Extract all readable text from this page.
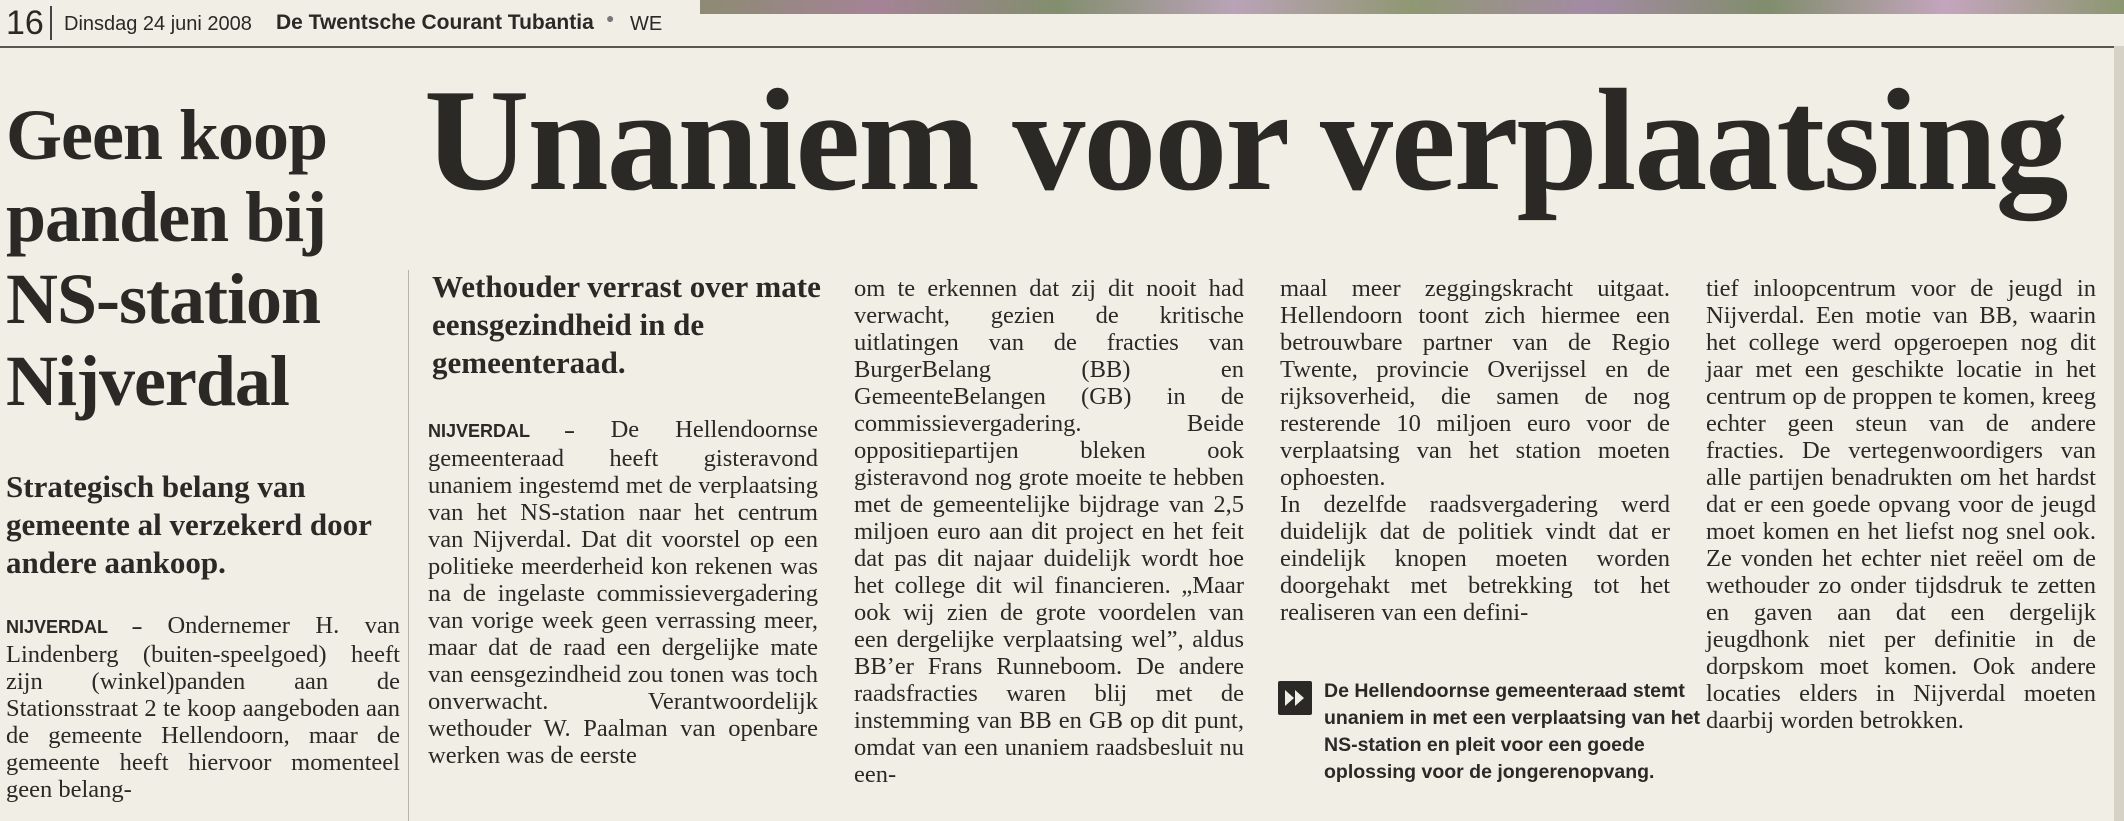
16 Dinsdag 24 juni 2008 De Twentsche Courant Tubantia ● WE
Geen koop panden bij NS-station Nijverdal
Strategisch belang van gemeente al verzekerd door andere aankoop.
NIJVERDAL – Ondernemer H. van Lindenberg (buiten-speelgoed) heeft zijn (winkel)panden aan de Stationsstraat 2 te koop aangeboden aan de gemeente Hellendoorn, maar de gemeente heeft hiervoor momenteel geen belang-
Unaniem voor verplaatsing
Wethouder verrast over mate eensgezindheid in de gemeenteraad.
NIJVERDAL – De Hellendoornse gemeenteraad heeft gisteravond unaniem ingestemd met de verplaatsing van het NS-station naar het centrum van Nijverdal. Dat dit voorstel op een politieke meerderheid kon rekenen was na de ingelaste commissievergadering van vorige week geen verrassing meer, maar dat de raad een dergelijke mate van eensgezindheid zou tonen was toch onverwacht. Verantwoordelijk wethouder W. Paalman van openbare werken was de eerste
om te erkennen dat zij dit nooit had verwacht, gezien de kritische uitlatingen van de fracties van BurgerBelang (BB) en GemeenteBelangen (GB) in de commissievergadering. Beide oppositiepartijen bleken ook gisteravond nog grote moeite te hebben met de gemeentelijke bijdrage van 2,5 miljoen euro aan dit project en het feit dat pas dit najaar duidelijk wordt hoe het college dit wil financieren. „Maar ook wij zien de grote voordelen van een dergelijke verplaatsing wel”, aldus BB’er Frans Runneboom. De andere raadsfracties waren blij met de instemming van BB en GB op dit punt, omdat van een unaniem raadsbesluit nu een-
maal meer zeggingskracht uitgaat. Hellendoorn toont zich hiermee een betrouwbare partner van de Regio Twente, provincie Overijssel en de rijksoverheid, die samen de nog resterende 10 miljoen euro voor de verplaatsing van het station moeten ophoesten.
In dezelfde raadsvergadering werd duidelijk dat de politiek vindt dat er eindelijk knopen moeten worden doorgehakt met betrekking tot het realiseren van een defini-
tief inloopcentrum voor de jeugd in Nijverdal. Een motie van BB, waarin het college werd opgeroepen nog dit jaar met een geschikte locatie in het centrum op de proppen te komen, kreeg echter geen steun van de andere fracties. De vertegenwoordigers van alle partijen benadrukten om het hardst dat er een goede opvang voor de jeugd moet komen en het liefst nog snel ook. Ze vonden het echter niet reëel om de wethouder zo onder tijdsdruk te zetten en gaven aan dat een dergelijk jeugdhonk niet per definitie in de dorpskom moet komen. Ook andere locaties elders in Nijverdal moeten daarbij worden betrokken.
De Hellendoornse gemeenteraad stemt unaniem in met een verplaatsing van het NS-station en pleit voor een goede oplossing voor de jongerenopvang.
